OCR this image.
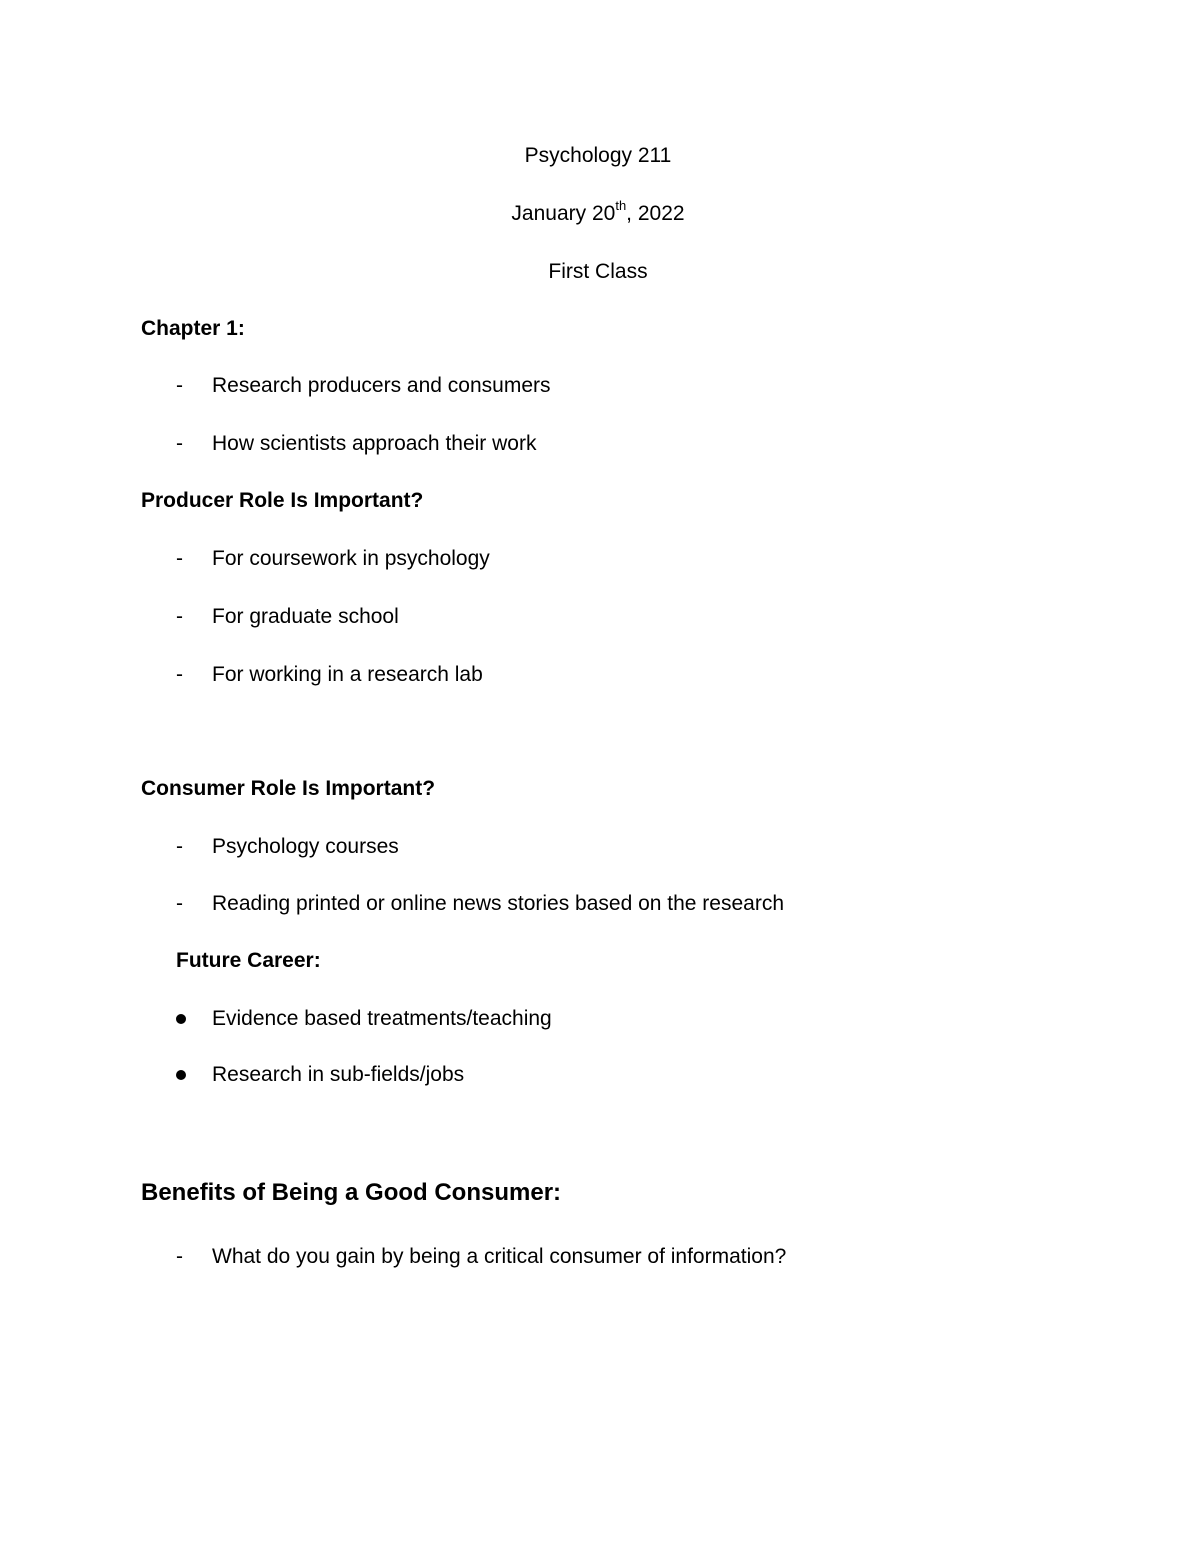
Psychology 211
January 20th, 2022
First Class
Chapter 1:
- Research producers and consumers
- How scientists approach their work
Producer Role Is Important?
- For coursework in psychology
- For graduate school
- For working in a research lab
Consumer Role Is Important?
- Psychology courses
- Reading printed or online news stories based on the research
Future Career:
Evidence based treatments/teaching
Research in sub-fields/jobs
Benefits of Being a Good Consumer:
- What do you gain by being a critical consumer of information?
